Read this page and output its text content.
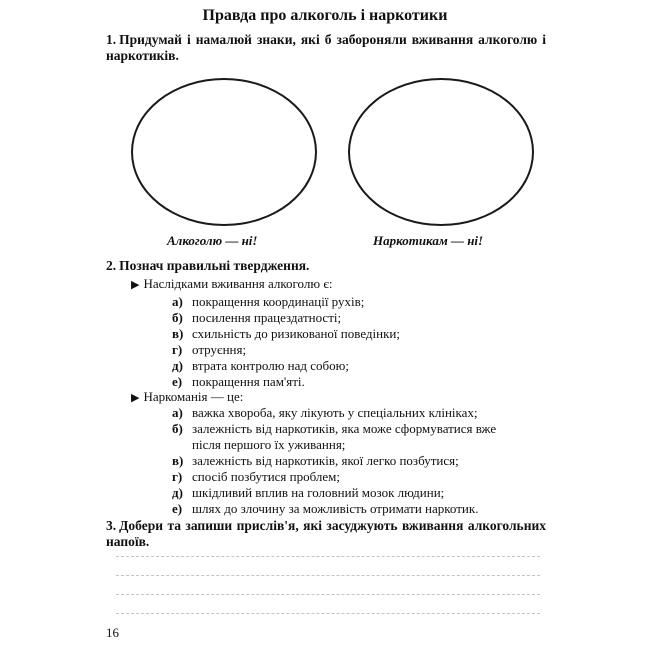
Правда про алкоголь і наркотики
1. Придумай і намалюй знаки, які б забороняли вживання алкоголю і наркотиків.
Алкоголю — ні!	Наркотикам — ні!
2. Познач правильні твердження.
▶ Наслідками вживання алкоголю є:
а) покращення координації рухів;
б) посилення працездатності;
в) схильність до ризикованої поведінки;
г) отруєння;
д) втрата контролю над собою;
е) покращення пам'яті.
▶ Наркоманія — це:
а) важка хвороба, яку лікують у спеціальних клініках;
б) залежність від наркотиків, яка може сформуватися вже
після першого їх уживання;
в) залежність від наркотиків, якої легко позбутися;
г) спосіб позбутися проблем;
д) шкідливий вплив на головний мозок людини;
е) шлях до злочину за можливість отримати наркотик.
3. Добери та запиши прислів'я, які засуджують вживання алкогольних напоїв.
16
